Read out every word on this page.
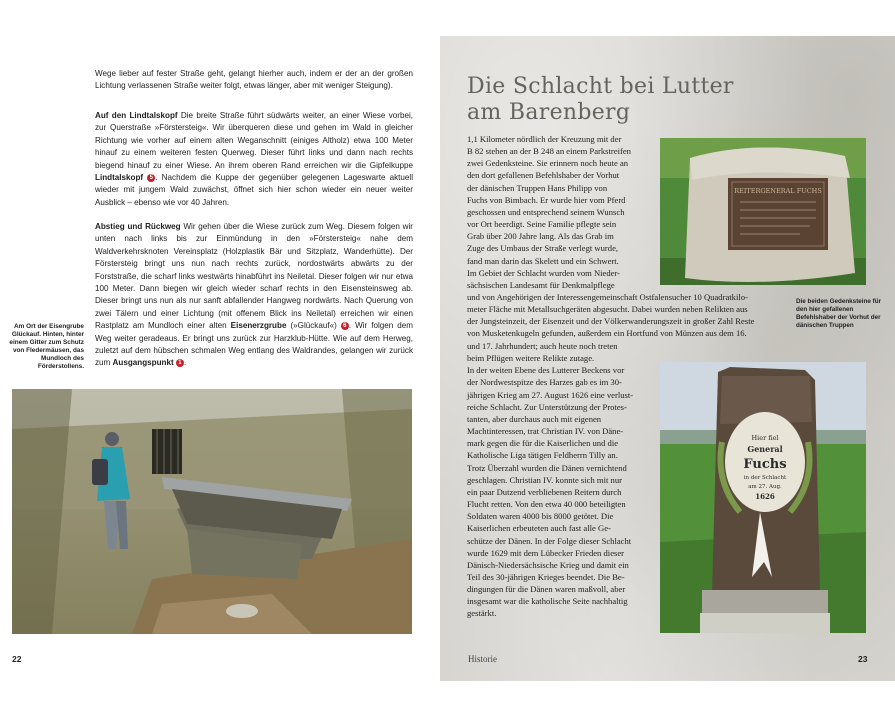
Wege lieber auf fester Straße geht, gelangt hierher auch, indem er der an der großen Lichtung verlassenen Straße weiter folgt, etwas länger, aber mit weniger Steigung).

Auf den Lindtalskopf Die breite Straße führt südwärts weiter, an einer Wiese vorbei, zur Querstraße »Förstersteig«. Wir überqueren diese und gehen im Wald in gleicher Richtung wie vorher auf einem alten Weganschnitt (einiges Altholz) etwa 100 Meter hinauf zu einem weiteren festen Querweg. Dieser führt links und dann nach rechts biegend hinauf zu einer Wiese. An ihrem oberen Rand erreichen wir die Gipfelkuppe Lindtalskopf 5 . Nachdem die Kuppe der gegenüber gelegenen Lageswarte aktuell wieder mit jungem Wald zuwächst, öffnet sich hier schon wieder ein neuer weiter Ausblick – ebenso wie vor 40 Jahren.

Abstieg und Rückweg Wir gehen über die Wiese zurück zum Weg. Diesem folgen wir unten nach links bis zur Einmündung in den »Förstersteig« nahe dem Waldverkehrsknoten Vereinsplatz (Holzplastik Bär und Sitzplatz, Wanderhütte). Der Förstersteig bringt uns nun nach rechts zurück, nordostwärts abwärts zu der Forststraße, die scharf links westwärts hinabführt ins Neiletal. Dieser folgen wir nur etwa 100 Meter. Dann biegen wir gleich wieder scharf rechts in den Eisensteinsweg ab. Dieser bringt uns nun als nur sanft abfallender Hangweg nordwärts. Nach Querung von zwei Tälern und einer Lichtung (mit offenem Blick ins Neiletal) erreichen wir einen Rastplatz am Mundloch einer alten Eisenerzgrube (»Glückauf«) 6 . Wir folgen dem Weg weiter geradeaus. Er bringt uns zurück zur Harzklub-Hütte. Wie auf dem Herweg, zuletzt auf dem hübschen schmalen Weg entlang des Waldrandes, gelangen wir zurück zum Ausgangspunkt 1 .

Am Ort der Eisengrube Glückauf. Hinten, hinter einem Gitter zum Schutz von Fledermäusen, das Mundloch des Förderstollens.
22
Die Schlacht bei Lutter
am Barenberg

1,1 Kilometer nördlich der Kreuzung mit der

B 82 stehen an der B 248 an einem Parkstreifen

zwei Gedenksteine. Sie erinnern noch heute an

den dort gefallenen Befehlshaber der Vorhut

der dänischen Truppen Hans Philipp von

Fuchs von Bimbach. Er wurde hier vom Pferd

geschossen und entsprechend seinem Wunsch

vor Ort beerdigt. Seine Familie pflegte sein

Grab über 200 Jahre lang. Als das Grab im

Zuge des Umbaus der Straße verlegt wurde,

fand man darin das Skelett und ein Schwert.

Im Gebiet der Schlacht wurden vom Nieder-

sächsischen Landesamt für Denkmalpflege

und von Angehörigen der Interessengemeinschaft Ostfalensucher 10 Quadratkilo-

meter Fläche mit Metallsuchgeräten abgesucht. Dabei wurden neben Relikten aus

der Jungsteinzeit, der Eisenzeit und der Völkerwanderungszeit in großer Zahl Reste

von Musketenkugeln gefunden, außerdem ein Hortfund von Münzen aus dem 16.

und 17. Jahrhundert; auch heute noch treten

beim Pflügen weitere Relikte zutage.

In der weiten Ebene des Lutterer Beckens vor

der Nordwestspitze des Harzes gab es im 30-

jährigen Krieg am 27. August 1626 eine verlust-

reiche Schlacht. Zur Unterstützung der Protes-

tanten, aber durchaus auch mit eigenen

Machtinteressen, trat Christian IV. von Däne-

mark gegen die für die Kaiserlichen und die

Katholische Liga tätigen Feldherrn Tilly an.

Trotz Überzahl wurden die Dänen vernichtend

geschlagen. Christian IV. konnte sich mit nur

ein paar Dutzend verbliebenen Reitern durch

Flucht retten. Von den etwa 40 000 beteiligten

Soldaten waren 4000 bis 8000 getötet. Die

Kaiserlichen erbeuteten auch fast alle Ge-

schütze der Dänen. In der Folge dieser Schlacht

wurde 1629 mit dem Lübecker Frieden dieser

Dänisch-Niedersächsische Krieg und damit ein

Teil des 30-jährigen Krieges beendet. Die Be-

dingungen für die Dänen waren maßvoll, aber

insgesamt war die katholische Seite nachhaltig

gestärkt.

REITERGENERAL FUCHS
Die beiden Gedenksteine für den hier gefallenen Befehlshaber der Vorhut der dänischen Truppen
Hier fiel
General
Fuchs
in der Schlacht
am 27. Aug.
1626
Historie	23
